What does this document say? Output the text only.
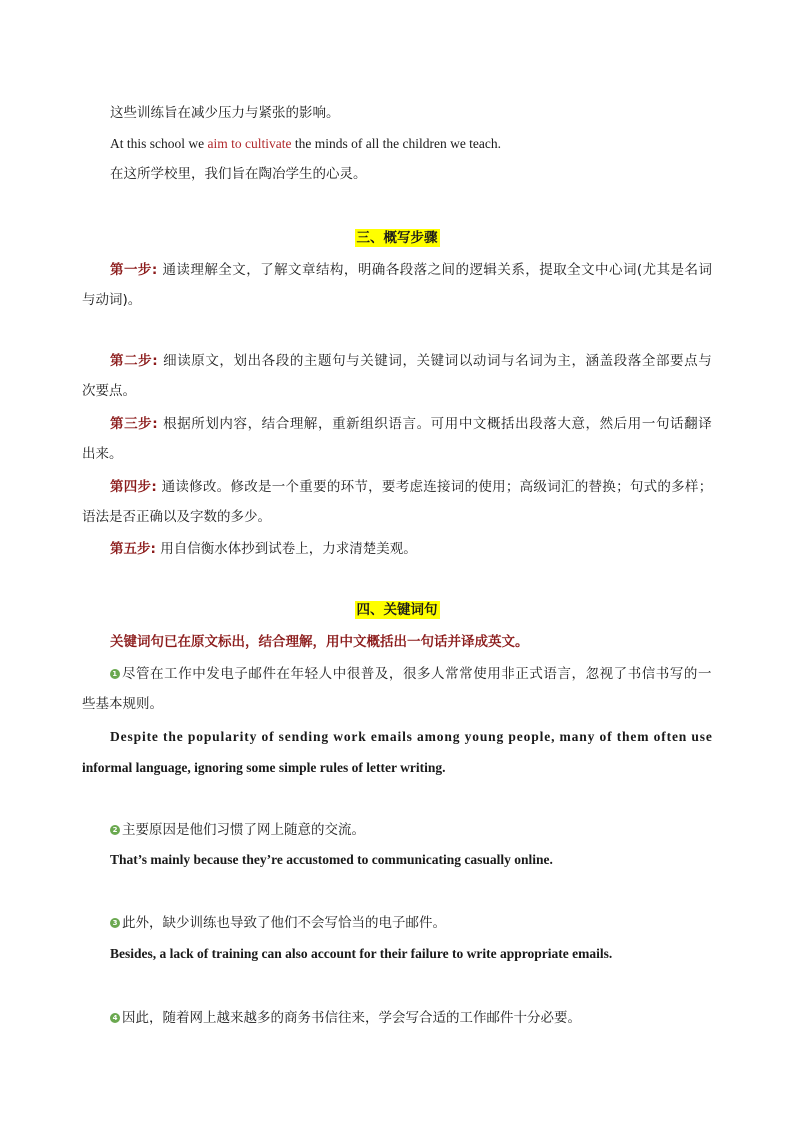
这些训练旨在减少压力与紧张的影响。
At this school we aim to cultivate the minds of all the children we teach.
在这所学校里，我们旨在陶冶学生的心灵。
三、概写步骤
第一步: 通读理解全文，了解文章结构，明确各段落之间的逻辑关系，提取全文中心词(尤其是名词
与动词)。
第二步: 细读原文，划出各段的主题句与关键词，关键词以动词与名词为主，涵盖段落全部要点与
次要点。
第三步: 根据所划内容，结合理解，重新组织语言。可用中文概括出段落大意，然后用一句话翻译
出来。
第四步: 通读修改。修改是一个重要的环节，要考虑连接词的使用；高级词汇的替换；句式的多样；
语法是否正确以及字数的多少。
第五步: 用自信衡水体抄到试卷上，力求清楚美观。
四、关键词句
关键词句已在原文标出，结合理解，用中文概括出一句话并译成英文。
1 尽管在工作中发电子邮件在年轻人中很普及，很多人常常使用非正式语言，忽视了书信书写的一
些基本规则。
Despite the popularity of sending work emails among young people, many of them often use
informal language, ignoring some simple rules of letter writing.
2 主要原因是他们习惯了网上随意的交流。
That’s mainly because they’re accustomed to communicating casually online.
3 此外，缺少训练也导致了他们不会写恰当的电子邮件。
Besides, a lack of training can also account for their failure to write appropriate emails.
4 因此，随着网上越来越多的商务书信往来，学会写合适的工作邮件十分必要。
